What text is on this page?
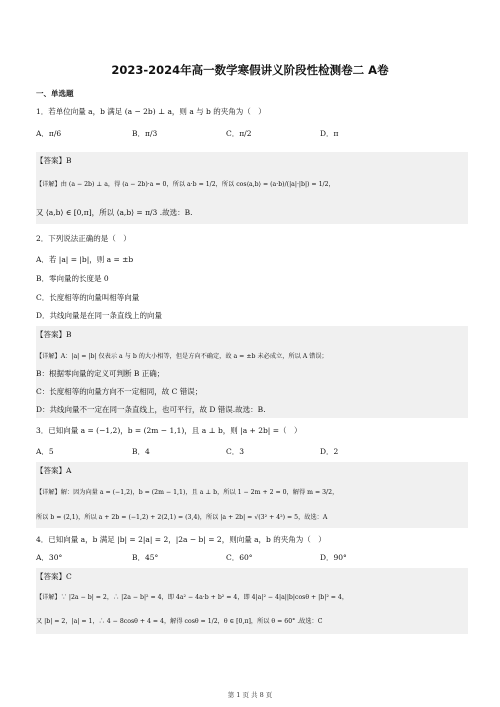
2023-2024年高一数学寒假讲义阶段性检测卷二 A卷
一、单选题
1．若单位向量 a，b 满足 (a − 2b) ⊥ a，则 a 与 b 的夹角为（　）
A．π/6	B．π/3	C．π/2	D．π
【答案】B
【详解】由 (a − 2b) ⊥ a，得 (a − 2b)·a = 0，所以 a·b = 1/2，所以 cos⟨a,b⟩ = (a·b)/(|a|·|b|) = 1/2，
又 ⟨a,b⟩ ∈ [0,π]，所以 ⟨a,b⟩ = π/3 .故选：B.
2．下列说法正确的是（　）
A．若 |a| = |b|，则 a = ±b
B．零向量的长度是 0
C．长度相等的向量叫相等向量
D．共线向量是在同一条直线上的向量
【答案】B
【详解】A：|a| = |b| 仅表示 a 与 b 的大小相等，但是方向不确定，故 a = ±b 未必成立，所以 A 错误；
B：根据零向量的定义可判断 B 正确；
C：长度相等的向量方向不一定相同，故 C 错误；
D：共线向量不一定在同一条直线上，也可平行，故 D 错误.故选：B.
3．已知向量 a = (−1,2)，b = (2m − 1,1)，且 a ⊥ b，则 |a + 2b| =（　）
A．5	B．4	C．3	D．2
【答案】A
【详解】解：因为向量 a = (−1,2)，b = (2m − 1,1)，且 a ⊥ b，所以 1 − 2m + 2 = 0，解得 m = 3/2，
所以 b = (2,1)，所以 a + 2b = (−1,2) + 2(2,1) = (3,4)，所以 |a + 2b| = √(3² + 4²) = 5，故选：A
4．已知向量 a，b 满足 |b| = 2|a| = 2，|2a − b| = 2，则向量 a，b 的夹角为（　）
A．30°	B．45°	C．60°	D．90°
【答案】C
【详解】∵ |2a − b| = 2，∴ |2a − b|² = 4，即 4a² − 4a·b + b² = 4，即 4|a|² − 4|a||b|cosθ + |b|² = 4，
又 |b| = 2，|a| = 1，∴ 4 − 8cosθ + 4 = 4，解得 cosθ = 1/2，θ ∈ [0,π]，所以 θ = 60° .故选：C
第 1 页 共 8 页
